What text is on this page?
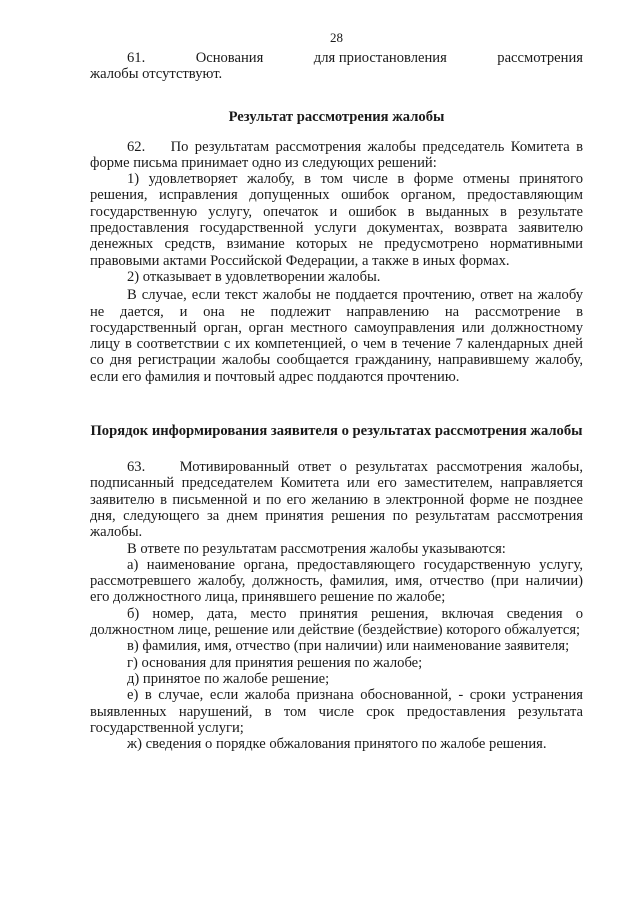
28

61.	Основания	для приостановления	рассмотрения

жалобы отсутствуют.

Результат рассмотрения жалобы

62.    По результатам рассмотрения жалобы председатель Комитета в форме письма принимает одно из следующих решений:

1) удовлетворяет жалобу, в том числе в форме отмены принятого решения, исправления допущенных ошибок органом, предоставляющим государственную услугу, опечаток и ошибок в выданных в результате предоставления государственной услуги документах, возврата заявителю денежных средств, взимание которых не предусмотрено нормативными правовыми актами Российской Федерации, а также в иных формах.

2) отказывает в удовлетворении жалобы.

В случае, если текст жалобы не поддается прочтению, ответ на жалобу не дается, и она не подлежит направлению на рассмотрение в государственный орган, орган местного самоуправления или должностному лицу в соответствии с их компетенцией, о чем в течение 7 календарных дней со дня регистрации жалобы сообщается гражданину, направившему жалобу, если его фамилия и почтовый адрес поддаются прочтению.

Порядок информирования заявителя о результатах рассмотрения жалобы

63.    Мотивированный ответ о результатах рассмотрения жалобы, подписанный председателем Комитета или его заместителем, направляется заявителю в письменной и по его желанию в электронной форме не позднее дня, следующего за днем принятия решения по результатам рассмотрения жалобы.

В ответе по результатам рассмотрения жалобы указываются:

а) наименование органа, предоставляющего государственную услугу, рассмотревшего жалобу, должность, фамилия, имя, отчество (при наличии) его должностного лица, принявшего решение по жалобе;

б) номер, дата, место принятия решения, включая сведения о должностном лице, решение или действие (бездействие) которого обжалуется;

в) фамилия, имя, отчество (при наличии) или наименование заявителя;

г) основания для принятия решения по жалобе;

д) принятое по жалобе решение;

е) в случае, если жалоба признана обоснованной, - сроки устранения выявленных нарушений, в том числе срок предоставления результата государственной услуги;

ж) сведения о порядке обжалования принятого по жалобе решения.
